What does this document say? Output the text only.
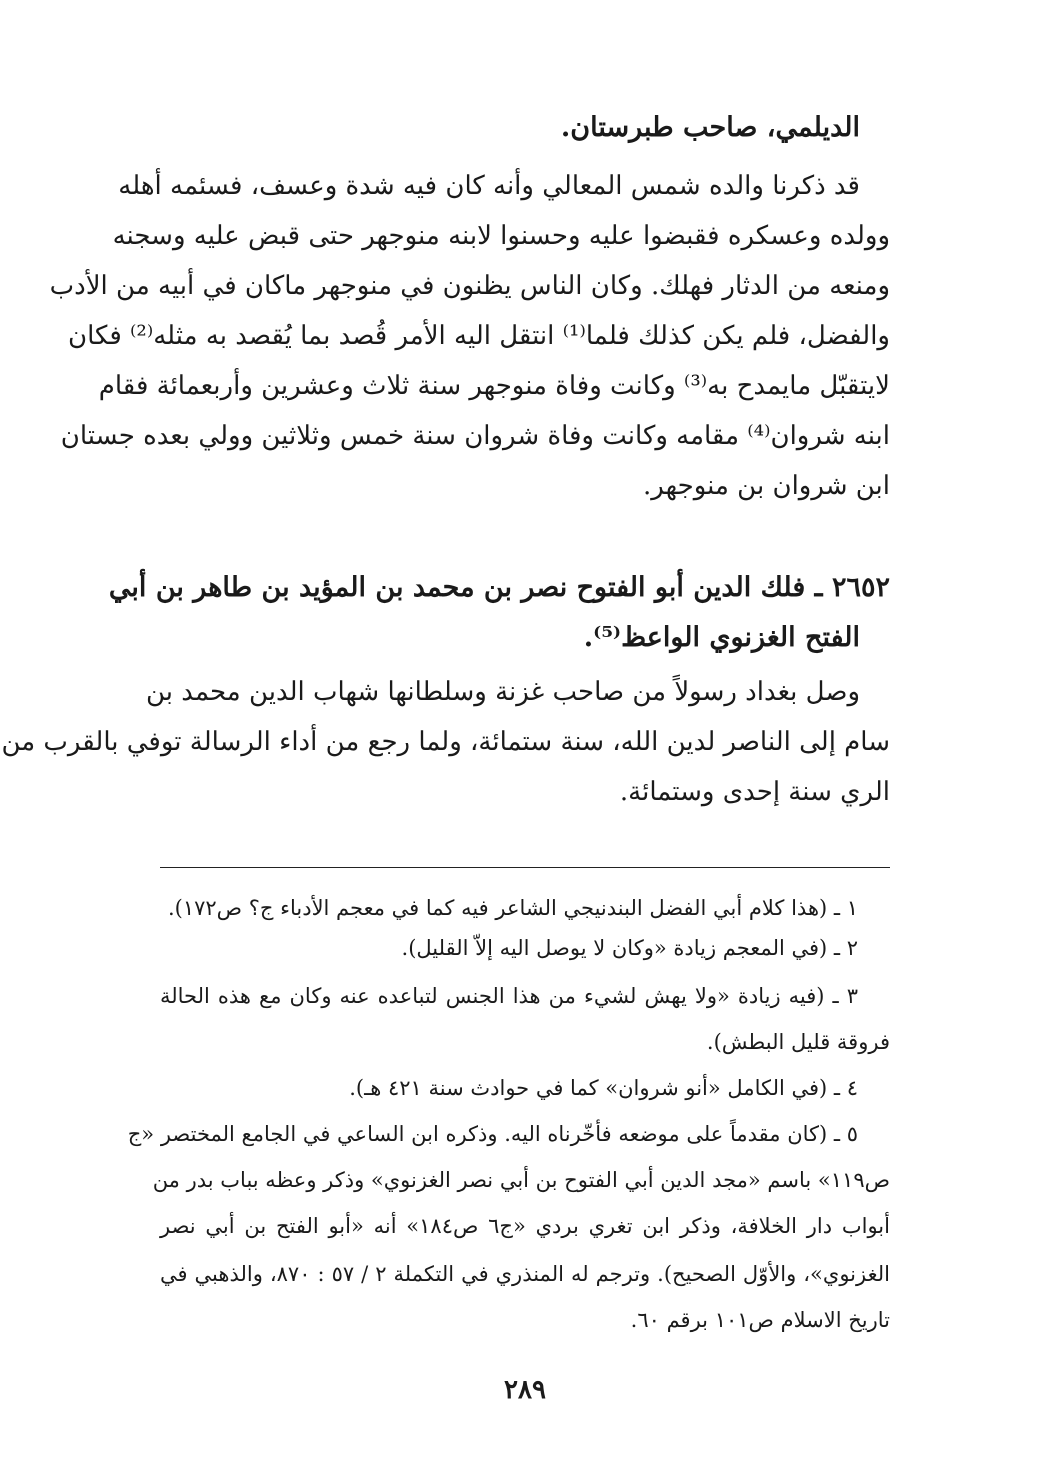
الديلمي، صاحب طبرستان.
قد ذكرنا والده شمس المعالي وأنه كان فيه شدة وعسف، فسئمه أهله
وولده وعسكره فقبضوا عليه وحسنوا لابنه منوجهر حتى قبض عليه وسجنه
ومنعه من الدثار فهلك. وكان الناس يظنون في منوجهر ماكان في أبيه من الأدب
والفضل، فلم يكن كذلك فلما⁽¹⁾ انتقل اليه الأمر قُصد بما يُقصد به مثله⁽²⁾ فكان
لايتقبّل مايمدح به⁽³⁾ وكانت وفاة منوجهر سنة ثلاث وعشرين وأربعمائة فقام
ابنه شروان⁽⁴⁾ مقامه وكانت وفاة شروان سنة خمس وثلاثين وولي بعده جستان
ابن شروان بن منوجهر.
٢٦٥٢ ـ فلك الدين أبو الفتوح نصر بن محمد بن المؤيد بن طاهر بن أبي
الفتح الغزنوي الواعظ⁽⁵⁾.
وصل بغداد رسولاً من صاحب غزنة وسلطانها شهاب الدين محمد بن
سام إلى الناصر لدين الله، سنة ستمائة، ولما رجع من أداء الرسالة توفي بالقرب من
الري سنة إحدى وستمائة.
١ ـ (هذا كلام أبي الفضل البندنيجي الشاعر فيه كما في معجم الأدباء ج؟ ص١٧٢).
٢ ـ (في المعجم زيادة «وكان لا يوصل اليه إلاّ القليل).
٣ ـ (فيه زيادة «ولا يهش لشيء من هذا الجنس لتباعده عنه وكان مع هذه الحالة
فروقة قليل البطش).
٤ ـ (في الكامل «أنو شروان» كما في حوادث سنة ٤٢١ هـ).
٥ ـ (كان مقدماً على موضعه فأخّرناه اليه. وذكره ابن الساعي في الجامع المختصر «ج
ص١١٩» باسم «مجد الدين أبي الفتوح بن أبي نصر الغزنوي» وذكر وعظه بباب بدر من
أبواب دار الخلافة، وذكر ابن تغري بردي «ج٦ ص١٨٤» أنه «أبو الفتح بن أبي نصر
الغزنوي»، والأوّل الصحيح). وترجم له المنذري في التكملة ٢ / ٥٧ : ٨٧٠، والذهبي في
تاريخ الاسلام ص١٠١ برقم ٦٠.
٢٨٩
